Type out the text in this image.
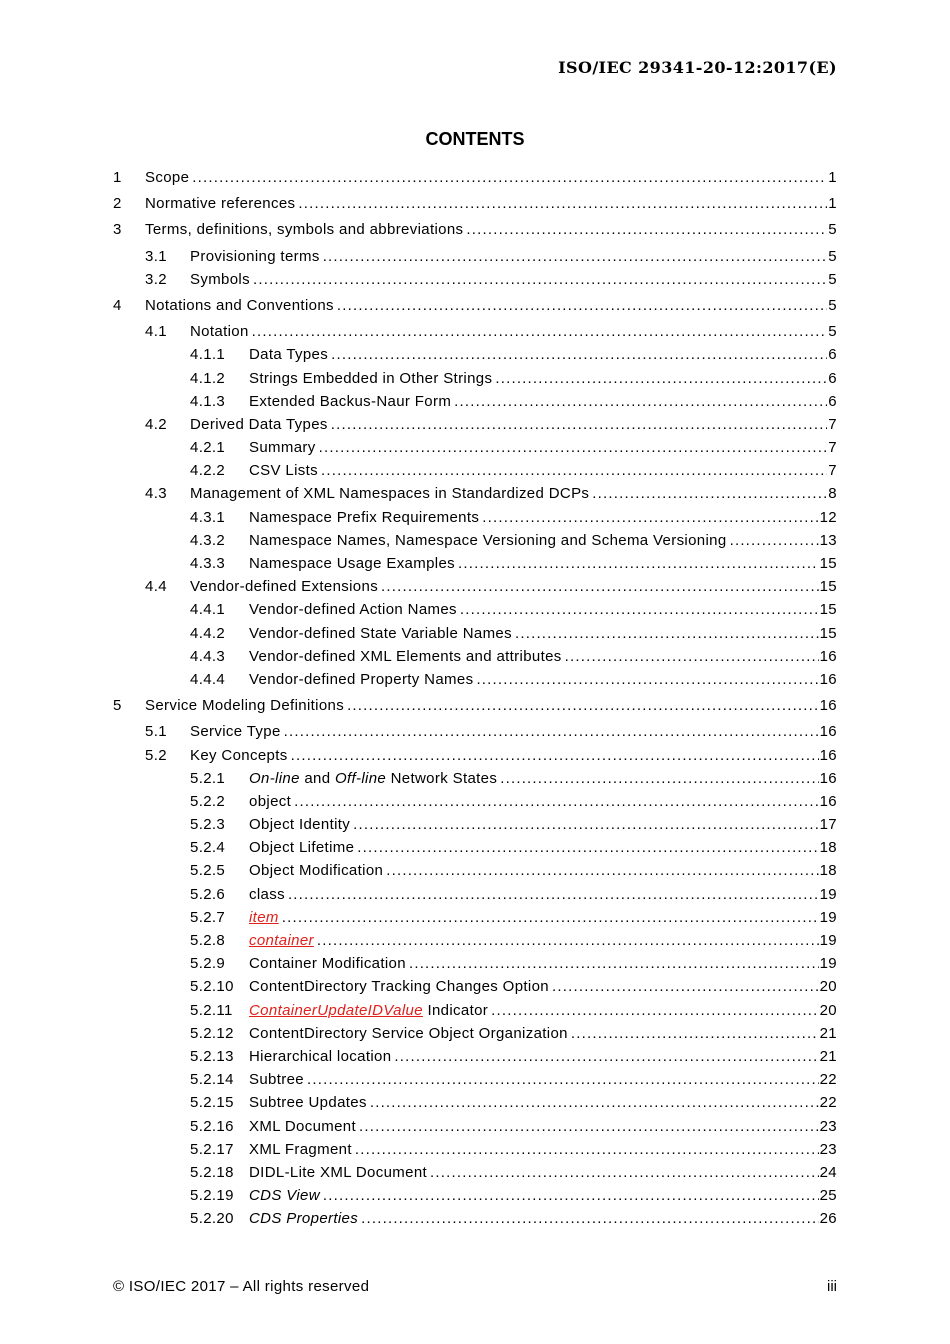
ISO/IEC 29341-20-12:2017(E)
CONTENTS
1	Scope .....	1
2	Normative references .....	1
3	Terms, definitions, symbols and abbreviations .....	5
3.1	Provisioning terms .....	5
3.2	Symbols .....	5
4	Notations and Conventions .....	5
4.1	Notation .....	5
4.1.1	Data Types .....	6
4.1.2	Strings Embedded in Other Strings .....	6
4.1.3	Extended Backus-Naur Form .....	6
4.2	Derived Data Types .....	7
4.2.1	Summary .....	7
4.2.2	CSV Lists .....	7
4.3	Management of XML Namespaces in Standardized DCPs .....	8
4.3.1	Namespace Prefix Requirements .....	12
4.3.2	Namespace Names, Namespace Versioning and Schema Versioning .....	13
4.3.3	Namespace Usage Examples .....	15
4.4	Vendor-defined Extensions .....	15
4.4.1	Vendor-defined Action Names .....	15
4.4.2	Vendor-defined State Variable Names .....	15
4.4.3	Vendor-defined XML Elements and attributes .....	16
4.4.4	Vendor-defined Property Names .....	16
5	Service Modeling Definitions .....	16
5.1	Service Type .....	16
5.2	Key Concepts .....	16
5.2.1	On-line and Off-line Network States .....	16
5.2.2	object .....	16
5.2.3	Object Identity .....	17
5.2.4	Object Lifetime .....	18
5.2.5	Object Modification .....	18
5.2.6	class .....	19
5.2.7	item .....	19
5.2.8	container .....	19
5.2.9	Container Modification .....	19
5.2.10	ContentDirectory Tracking Changes Option .....	20
5.2.11	ContainerUpdateIDValue Indicator .....	20
5.2.12	ContentDirectory Service Object Organization .....	21
5.2.13	Hierarchical location .....	21
5.2.14	Subtree .....	22
5.2.15	Subtree Updates .....	22
5.2.16	XML Document .....	23
5.2.17	XML Fragment .....	23
5.2.18	DIDL-Lite XML Document .....	24
5.2.19	CDS View .....	25
5.2.20	CDS Properties .....	26
© ISO/IEC 2017 – All rights reserved	iii
